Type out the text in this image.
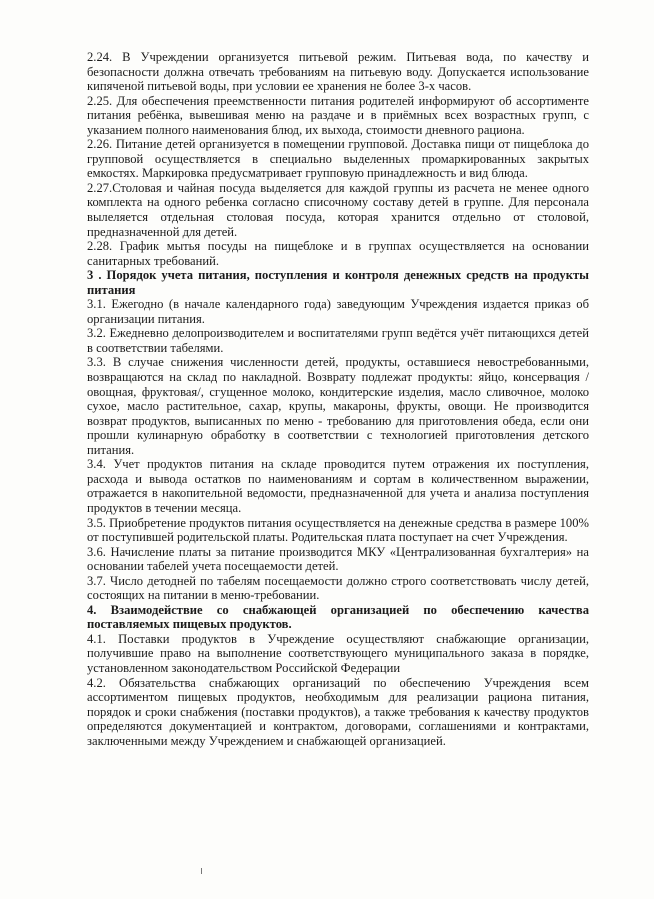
2.24. В Учреждении организуется питьевой режим. Питьевая вода, по качеству и безопасности должна отвечать требованиям на питьевую воду. Допускается использование кипяченой питьевой воды, при условии ее хранения не более 3-х часов.

2.25. Для обеспечения преемственности питания родителей информируют об ассортименте питания ребёнка, вывешивая меню на раздаче и в приёмных всех возрастных групп, с указанием полного наименования блюд, их выхода, стоимости дневного рациона.

2.26. Питание детей организуется в помещении групповой. Доставка пищи от пищеблока до групповой осуществляется в специально выделенных промаркированных закрытых емкостях. Маркировка предусматривает групповую принадлежность и вид блюда.

2.27.Столовая и чайная посуда выделяется для каждой группы из расчета не менее одного комплекта на одного ребенка согласно списочному составу детей в группе. Для персонала вылеляется отдельная столовая посуда, которая хранится отдельно от столовой, предназначенной для детей.

2.28. График мытья посуды на пищеблоке и в группах осуществляется на основании санитарных требований.

3 . Порядок учета питания, поступления и контроля денежных средств на продукты питания

3.1. Ежегодно (в начале календарного года) заведующим Учреждения издается приказ об организации питания.

3.2. Ежедневно делопроизводителем и воспитателями групп ведётся учёт питающихся детей в соответствии табелями.

3.3. В случае снижения численности детей, продукты, оставшиеся невостребованными, возвращаются на склад по накладной. Возврату подлежат продукты: яйцо, консервация /овощная, фруктовая/, сгущенное молоко, кондитерские изделия, масло сливочное, молоко сухое, масло растительное, сахар, крупы, макароны, фрукты, овощи. Не производится возврат продуктов, выписанных по меню - требованию для приготовления обеда, если они прошли кулинарную обработку в соответствии с технологией приготовления детского питания.

3.4. Учет продуктов питания на складе проводится путем отражения их поступления, расхода и вывода остатков по наименованиям и сортам в количественном выражении, отражается в накопительной ведомости, предназначенной для учета и анализа поступления продуктов в течении месяца.

3.5. Приобретение продуктов питания осуществляется на денежные средства в размере 100% от поступившей родительской платы. Родительская плата поступает на счет Учреждения.

3.6. Начисление платы за питание производится МКУ «Централизованная бухгалтерия» на основании табелей учета посещаемости детей.

3.7. Число детодней по табелям посещаемости должно строго соответствовать числу детей, состоящих на питании в меню-требовании.

4. Взаимодействие со снабжающей организацией по обеспечению качества поставляемых пищевых продуктов.

4.1. Поставки продуктов в Учреждение осуществляют снабжающие организации, получившие право на выполнение соответствующего муниципального заказа в порядке, установленном законодательством Российской Федерации

4.2. Обязательства снабжающих организаций по обеспечению Учреждения всем ассортиментом пищевых продуктов, необходимым для реализации рациона питания, порядок и сроки снабжения (поставки продуктов), а также требования к качеству продуктов определяются документацией и контрактом, договорами, соглашениями и контрактами, заключенными между Учреждением и снабжающей организацией.
